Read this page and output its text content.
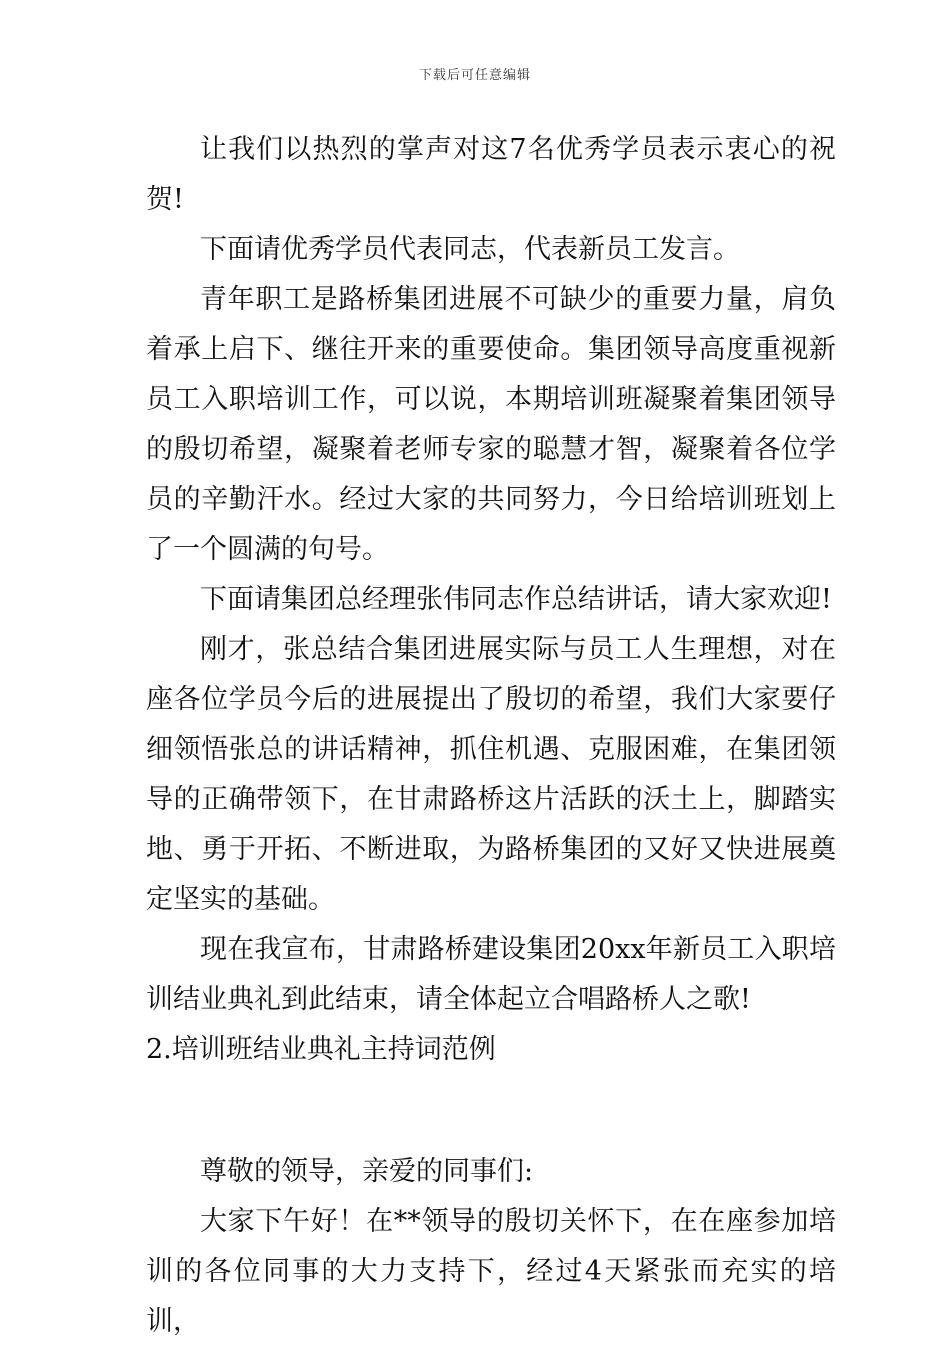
下载后可任意编辑

让我们以热烈的掌声对这7名优秀学员表示衷心的祝贺!

下面请优秀学员代表同志，代表新员工发言。

青年职工是路桥集团进展不可缺少的重要力量，肩负着承上启下、继往开来的重要使命。集团领导高度重视新员工入职培训工作，可以说，本期培训班凝聚着集团领导的殷切希望，凝聚着老师专家的聪慧才智，凝聚着各位学员的辛勤汗水。经过大家的共同努力，今日给培训班划上了一个圆满的句号。

下面请集团总经理张伟同志作总结讲话，请大家欢迎!

刚才，张总结合集团进展实际与员工人生理想，对在座各位学员今后的进展提出了殷切的希望，我们大家要仔细领悟张总的讲话精神，抓住机遇、克服困难，在集团领导的正确带领下，在甘肃路桥这片活跃的沃土上，脚踏实地、勇于开拓、不断进取，为路桥集团的又好又快进展奠定坚实的基础。

现在我宣布，甘肃路桥建设集团20xx年新员工入职培训结业典礼到此结束，请全体起立合唱路桥人之歌!

2.培训班结业典礼主持词范例

尊敬的领导，亲爱的同事们:

大家下午好！在**领导的殷切关怀下，在在座参加培训的各位同事的大力支持下，经过4天紧张而充实的培训，
